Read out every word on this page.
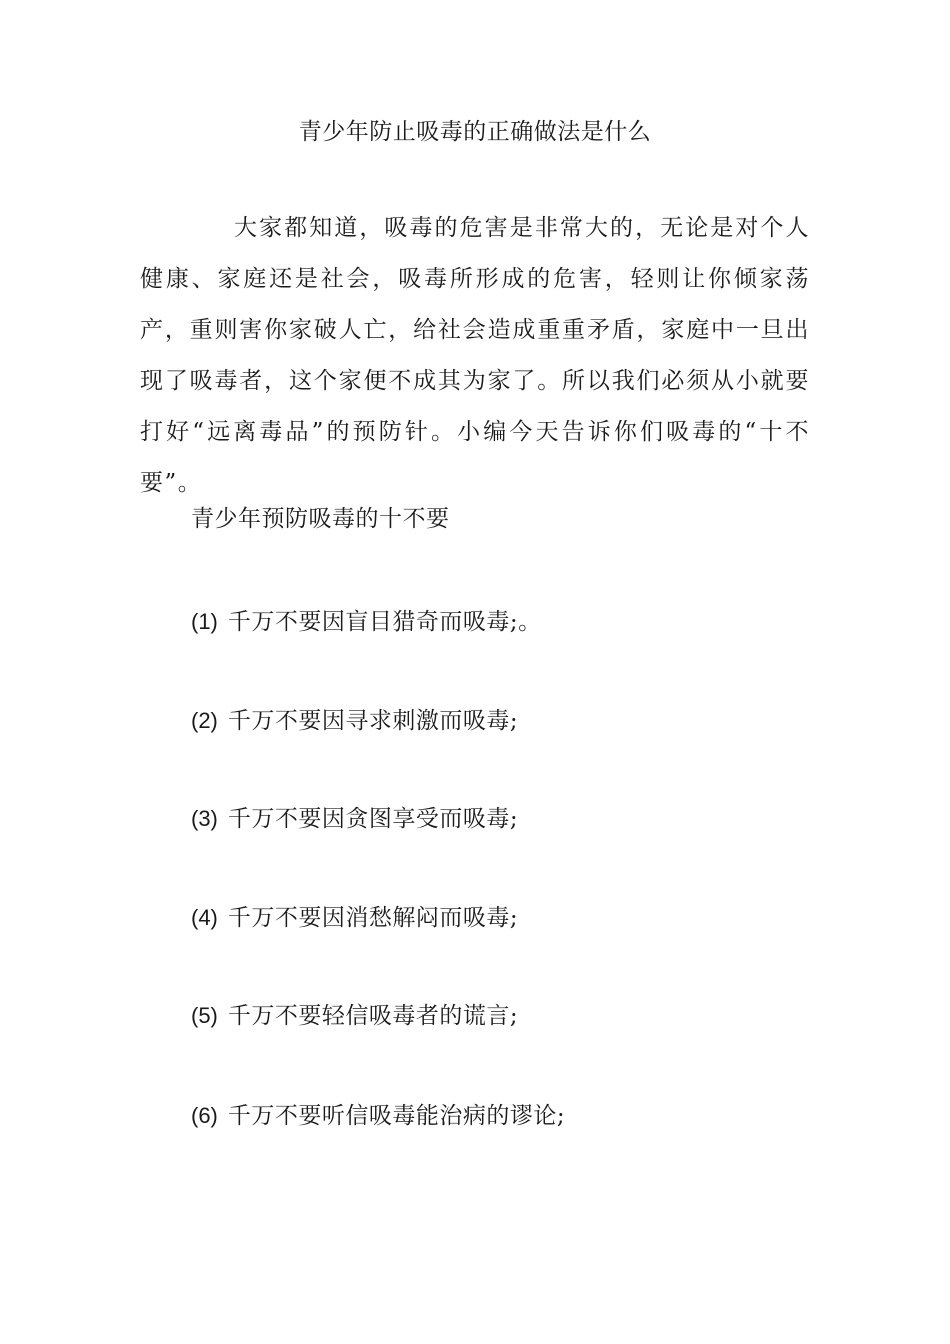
青少年防止吸毒的正确做法是什么

大家都知道，吸毒的危害是非常大的，无论是对个人健康、家庭还是社会，吸毒所形成的危害，轻则让你倾家荡产，重则害你家破人亡，给社会造成重重矛盾，家庭中一旦出现了吸毒者，这个家便不成其为家了。所以我们必须从小就要打好“远离毒品”的预防针。小编今天告诉你们吸毒的“十不要”。

青少年预防吸毒的十不要
(1) 千万不要因盲目猎奇而吸毒;。
(2) 千万不要因寻求刺激而吸毒;
(3) 千万不要因贪图享受而吸毒;
(4) 千万不要因消愁解闷而吸毒;
(5) 千万不要轻信吸毒者的谎言;
(6) 千万不要听信吸毒能治病的谬论;
